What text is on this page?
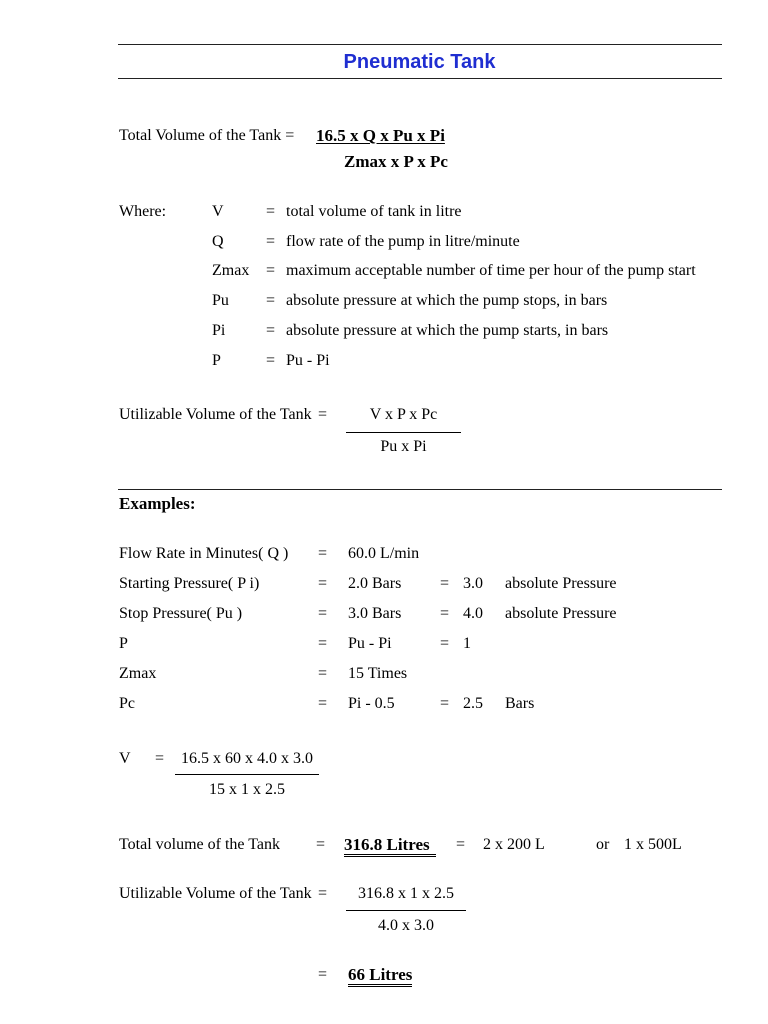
Pneumatic Tank
Total Volume of the Tank = 16.5 x Q x Pu x Pi
Zmax x P x Pc
Where:	V	= total volume of tank in litre
Q	= flow rate of the pump in litre/minute
Zmax = maximum acceptable number of time per hour of the pump start
Pu = absolute pressure at which the pump stops, in bars
Pi	= absolute pressure at which the pump starts, in bars
P	= Pu - Pi
Utilizable Volume of the Tank =	V x P x Pc
Pu x Pi
Examples:
Flow Rate in Minutes( Q ) = 60.0 L/min
Starting Pressure( P i)	= 2.0 Bars = 3.0 absolute Pressure
Stop Pressure( Pu )	= 3.0 Bars = 4.0 absolute Pressure
P	= Pu - Pi	= 1
Zmax	= 15 Times
Pc	= Pi - 0.5	= 2.5 Bars
V =	16.5 x 60 x 4.0 x 3.0
15 x 1 x 2.5
Total volume of the Tank = 316.8 Litres	= 2 x 200 L	or 1 x 500L
Utilizable Volume of the Tank =	316.8 x 1 x 2.5
4.0 x 3.0
= 66 Litres
